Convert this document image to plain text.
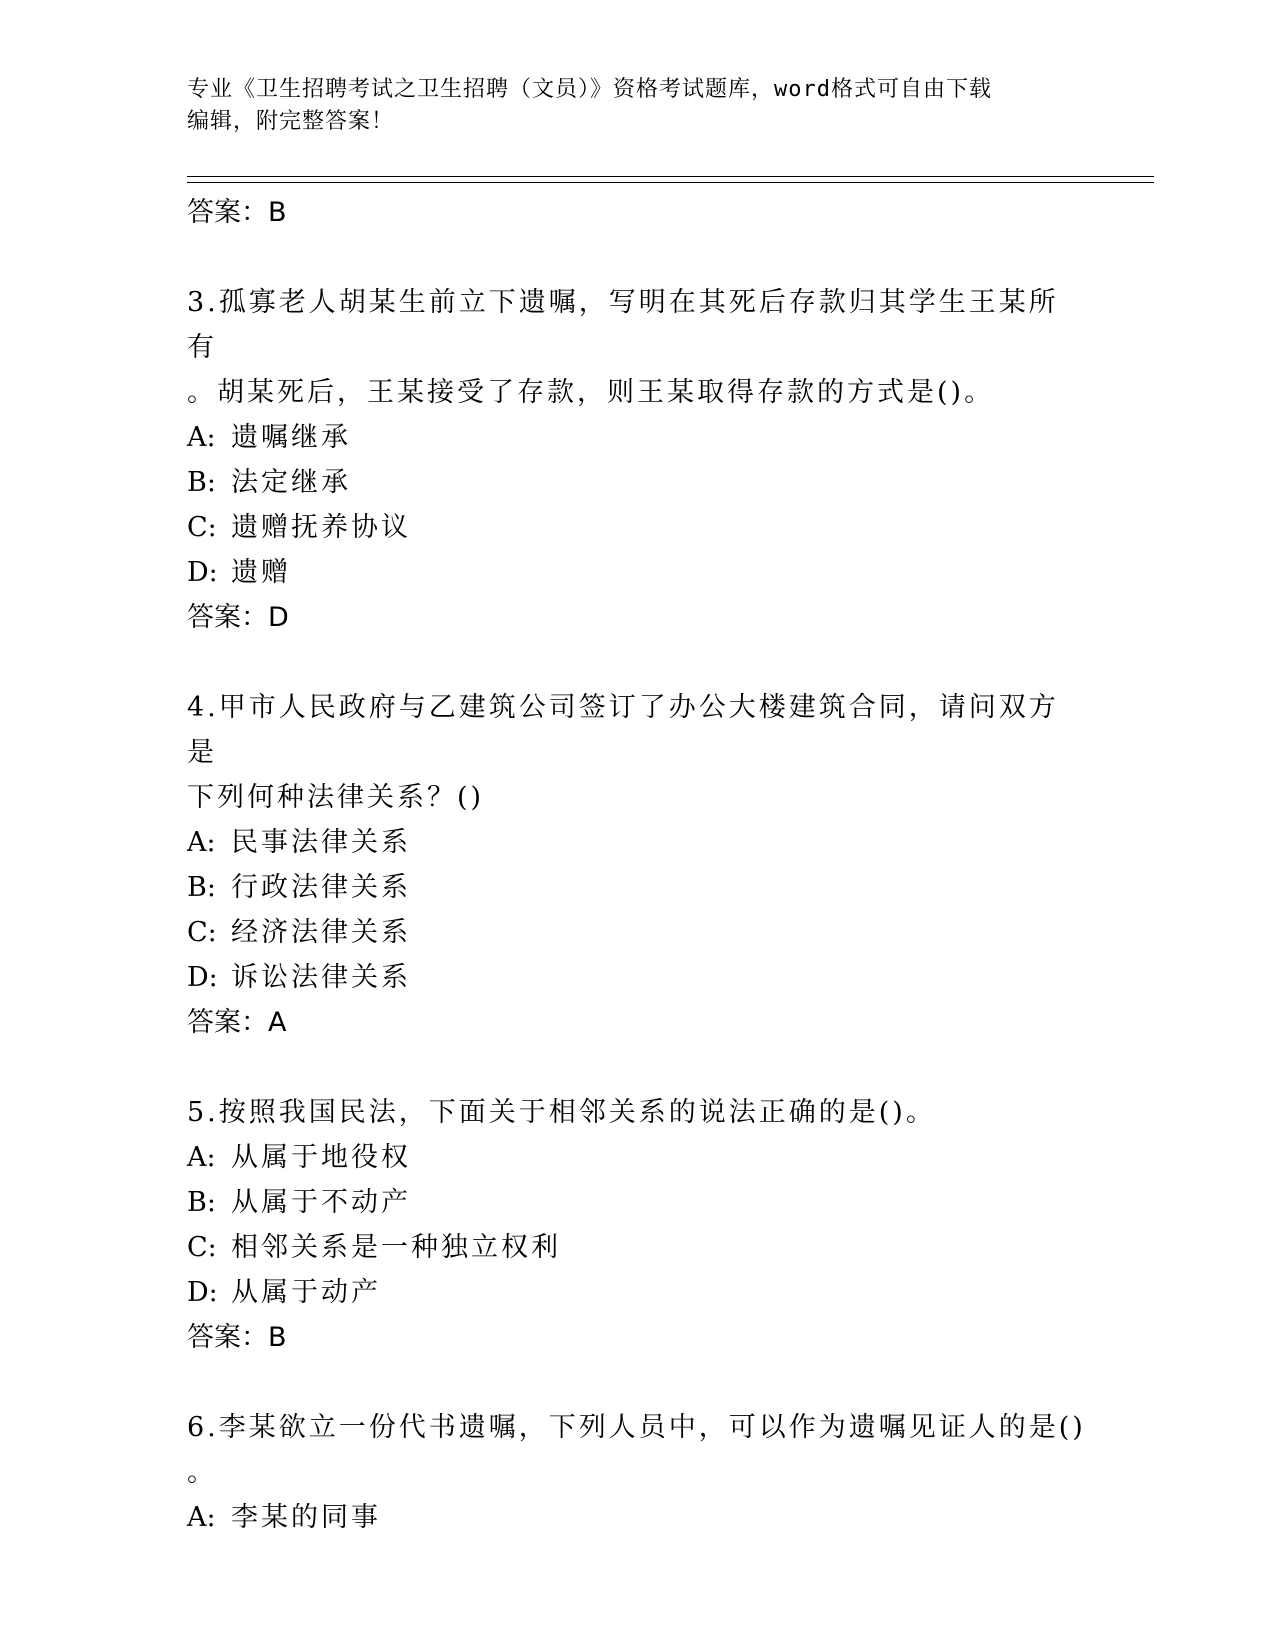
专业《卫生招聘考试之卫生招聘（文员）》资格考试题库，word格式可自由下载
编辑，附完整答案！
答案：B
3.孤寡老人胡某生前立下遗嘱，写明在其死后存款归其学生王某所有
。胡某死后，王某接受了存款，则王某取得存款的方式是()。
A: 遗嘱继承
B: 法定继承
C: 遗赠抚养协议
D: 遗赠
答案：D
4.甲市人民政府与乙建筑公司签订了办公大楼建筑合同，请问双方是
下列何种法律关系？()
A: 民事法律关系
B: 行政法律关系
C: 经济法律关系
D: 诉讼法律关系
答案：A
5.按照我国民法，下面关于相邻关系的说法正确的是()。
A: 从属于地役权
B: 从属于不动产
C: 相邻关系是一种独立权利
D: 从属于动产
答案：B
6.李某欲立一份代书遗嘱，下列人员中，可以作为遗嘱见证人的是()
。
A: 李某的同事
